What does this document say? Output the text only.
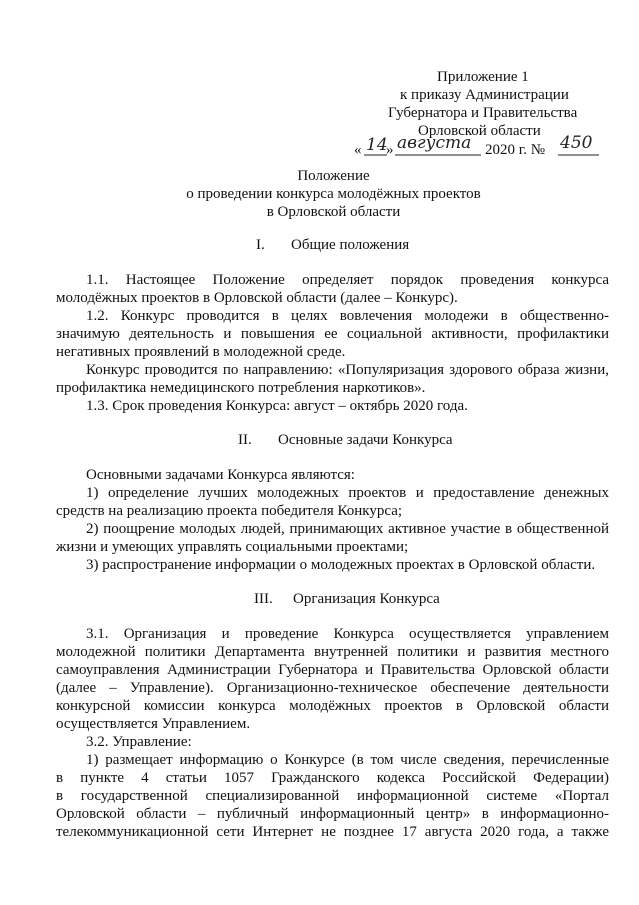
Приложение 1
к приказу Администрации
Губернатора и Правительства
Орловской области
« 14
» августа 2020 г. № 450
Положение
о проведении конкурса молодёжных проектов
в Орловской области
I. Общие положения
1.1. Настоящее Положение определяет порядок проведения конкурса
молодёжных проектов в Орловской области (далее – Конкурс).
1.2. Конкурс проводится в целях вовлечения молодежи в общественно-
значимую деятельность и повышения ее социальной активности, профилактики
негативных проявлений в молодежной среде.
Конкурс проводится по направлению: «Популяризация здорового образа жизни,
профилактика немедицинского потребления наркотиков».
1.3. Срок проведения Конкурса: август – октябрь 2020 года.
II. Основные задачи Конкурса
Основными задачами Конкурса являются:
1) определение лучших молодежных проектов и предоставление денежных
средств на реализацию проекта победителя Конкурса;
2) поощрение молодых людей, принимающих активное участие в общественной
жизни и умеющих управлять социальными проектами;
3) распространение информации о молодежных проектах в Орловской области.
III. Организация Конкурса
3.1. Организация и проведение Конкурса осуществляется управлением
молодежной политики Департамента внутренней политики и развития местного
самоуправления Администрации Губернатора и Правительства Орловской области
(далее – Управление). Организационно-техническое обеспечение деятельности
конкурсной комиссии конкурса молодёжных проектов в Орловской области
осуществляется Управлением.
3.2. Управление:
1) размещает информацию о Конкурсе (в том числе сведения, перечисленные
в пункте 4 статьи 1057 Гражданского кодекса Российской Федерации)
в государственной специализированной информационной системе «Портал
Орловской области – публичный информационный центр» в информационно-
телекоммуникационной сети Интернет не позднее 17 августа 2020 года, а также
